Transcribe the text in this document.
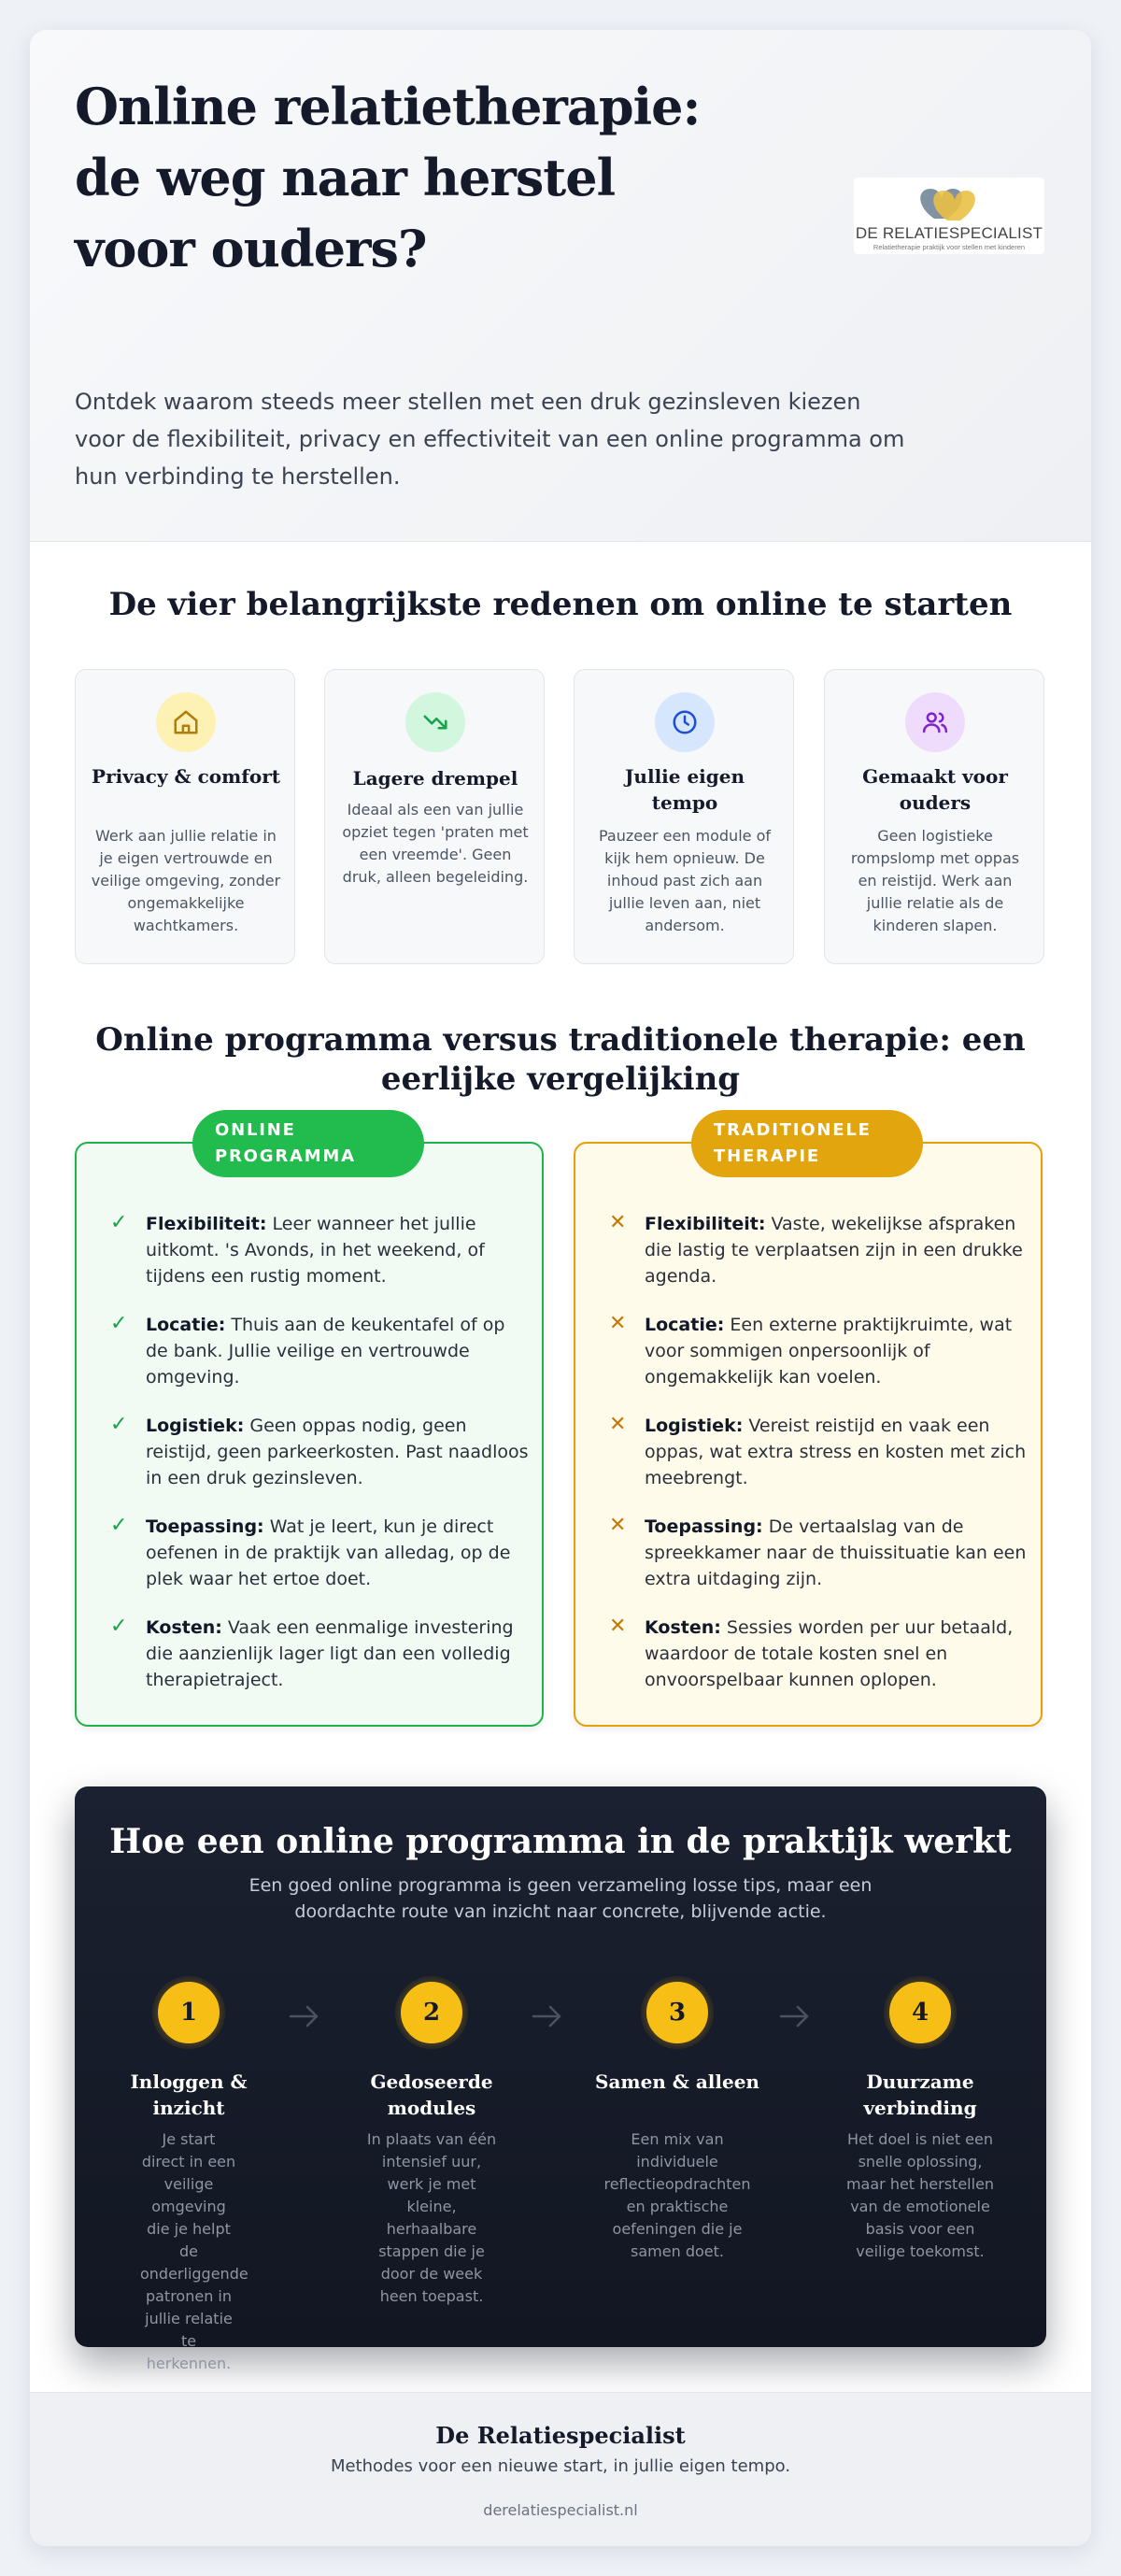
Online relatietherapie: de weg naar herstel voor ouders?

Ontdek waarom steeds meer stellen met een druk gezinsleven kiezen voor de flexibiliteit, privacy en effectiviteit van een online programma om hun verbinding te herstellen.

DE RELATIESPECIALIST
Relatietherapie praktijk voor stellen met kinderen
De vier belangrijkste redenen om online te starten
Privacy & comfort
Werk aan jullie relatie in je eigen vertrouwde en veilige omgeving, zonder ongemakkelijke wachtkamers.
Lagere drempel
Ideaal als een van jullie opziet tegen 'praten met een vreemde'. Geen druk, alleen begeleiding.
Jullie eigen tempo
Pauzeer een module of kijk hem opnieuw. De inhoud past zich aan jullie leven aan, niet andersom.
Gemaakt voor ouders
Geen logistieke rompslomp met oppas en reistijd. Werk aan jullie relatie als de kinderen slapen.
Online programma versus traditionele therapie: een eerlijke vergelijking
ONLINE PROGRAMMA
✓ Flexibiliteit: Leer wanneer het jullie uitkomt. 's Avonds, in het weekend, of tijdens een rustig moment.
✓ Locatie: Thuis aan de keukentafel of op de bank. Jullie veilige en vertrouwde omgeving.
✓ Logistiek: Geen oppas nodig, geen reistijd, geen parkeerkosten. Past naadloos in een druk gezinsleven.
✓ Toepassing: Wat je leert, kun je direct oefenen in de praktijk van alledag, op de plek waar het ertoe doet.
✓ Kosten: Vaak een eenmalige investering die aanzienlijk lager ligt dan een volledig therapietraject.
TRADITIONELE THERAPIE
✕ Flexibiliteit: Vaste, wekelijkse afspraken die lastig te verplaatsen zijn in een drukke agenda.
✕ Locatie: Een externe praktijkruimte, wat voor sommigen onpersoonlijk of ongemakkelijk kan voelen.
✕ Logistiek: Vereist reistijd en vaak een oppas, wat extra stress en kosten met zich meebrengt.
✕ Toepassing: De vertaalslag van de spreekkamer naar de thuissituatie kan een extra uitdaging zijn.
✕ Kosten: Sessies worden per uur betaald, waardoor de totale kosten snel en onvoorspelbaar kunnen oplopen.
Hoe een online programma in de praktijk werkt

Een goed online programma is geen verzameling losse tips, maar een doordachte route van inzicht naar concrete, blijvende actie.

1
Inloggen & inzicht
Je start direct in een veilige omgeving die je helpt de onderliggende patronen in jullie relatie te herkennen.
2
Gedoseerde modules
In plaats van één intensief uur, werk je met kleine, herhaalbare stappen die je door de week heen toepast.
3
Samen & alleen
Een mix van individuele reflectieopdrachten en praktische oefeningen die je samen doet.
4
Duurzame verbinding
Het doel is niet een snelle oplossing, maar het herstellen van de emotionele basis voor een veilige toekomst.
De Relatiespecialist
Methodes voor een nieuwe start, in jullie eigen tempo.
derelatiespecialist.nl
